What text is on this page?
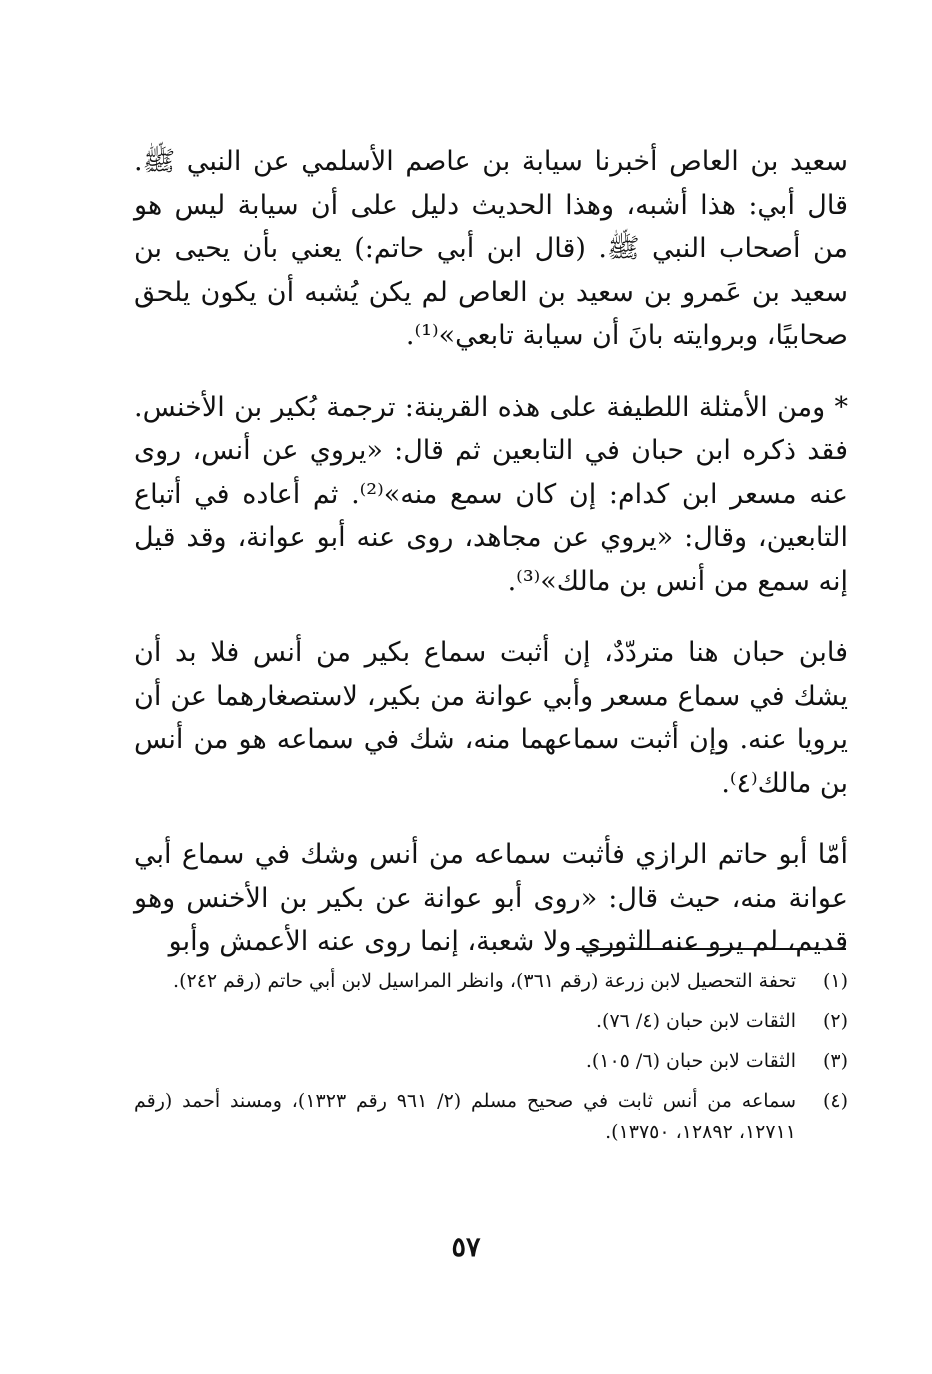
سعيد بن العاص أخبرنا سيابة بن عاصم الأسلمي عن النبي ﷺ. قال أبي: هذا أشبه، وهذا الحديث دليل على أن سيابة ليس هو من أصحاب النبي ﷺ. (قال ابن أبي حاتم:) يعني بأن يحيى بن سعيد بن عَمرو بن سعيد بن العاص لم يكن يُشبه أن يكون يلحق صحابيًا، وبروايته بانَ أن سيابة تابعي»⁽¹⁾.

* ومن الأمثلة اللطيفة على هذه القرينة: ترجمة بُكير بن الأخنس. فقد ذكره ابن حبان في التابعين ثم قال: «يروي عن أنس، روى عنه مسعر ابن كدام: إن كان سمع منه»⁽²⁾. ثم أعاده في أتباع التابعين، وقال: «يروي عن مجاهد، روى عنه أبو عوانة، وقد قيل إنه سمع من أنس بن مالك»⁽³⁾.

فابن حبان هنا متردّدٌ، إن أثبت سماع بكير من أنس فلا بد أن يشك في سماع مسعر وأبي عوانة من بكير، لاستصغارهما عن أن يرويا عنه. وإن أثبت سماعهما منه، شك في سماعه هو من أنس بن مالك⁽٤⁾.

أمّا أبو حاتم الرازي فأثبت سماعه من أنس وشك في سماع أبي عوانة منه، حيث قال: «روى أبو عوانة عن بكير بن الأخنس وهو قديم، لم يرو عنه الثوري ولا شعبة، إنما روى عنه الأعمش وأبو

(١)
تحفة التحصيل لابن زرعة (رقم ٣٦١)، وانظر المراسيل لابن أبي حاتم (رقم ٢٤٢).
(٢)
الثقات لابن حبان (٤/ ٧٦).
(٣)
الثقات لابن حبان (٦/ ١٠٥).
(٤)
سماعه من أنس ثابت في صحيح مسلم (٢/ ٩٦١ رقم ١٣٢٣)، ومسند أحمد (رقم ١٢٧١١، ١٢٨٩٢، ١٣٧٥٠).
٥٧
